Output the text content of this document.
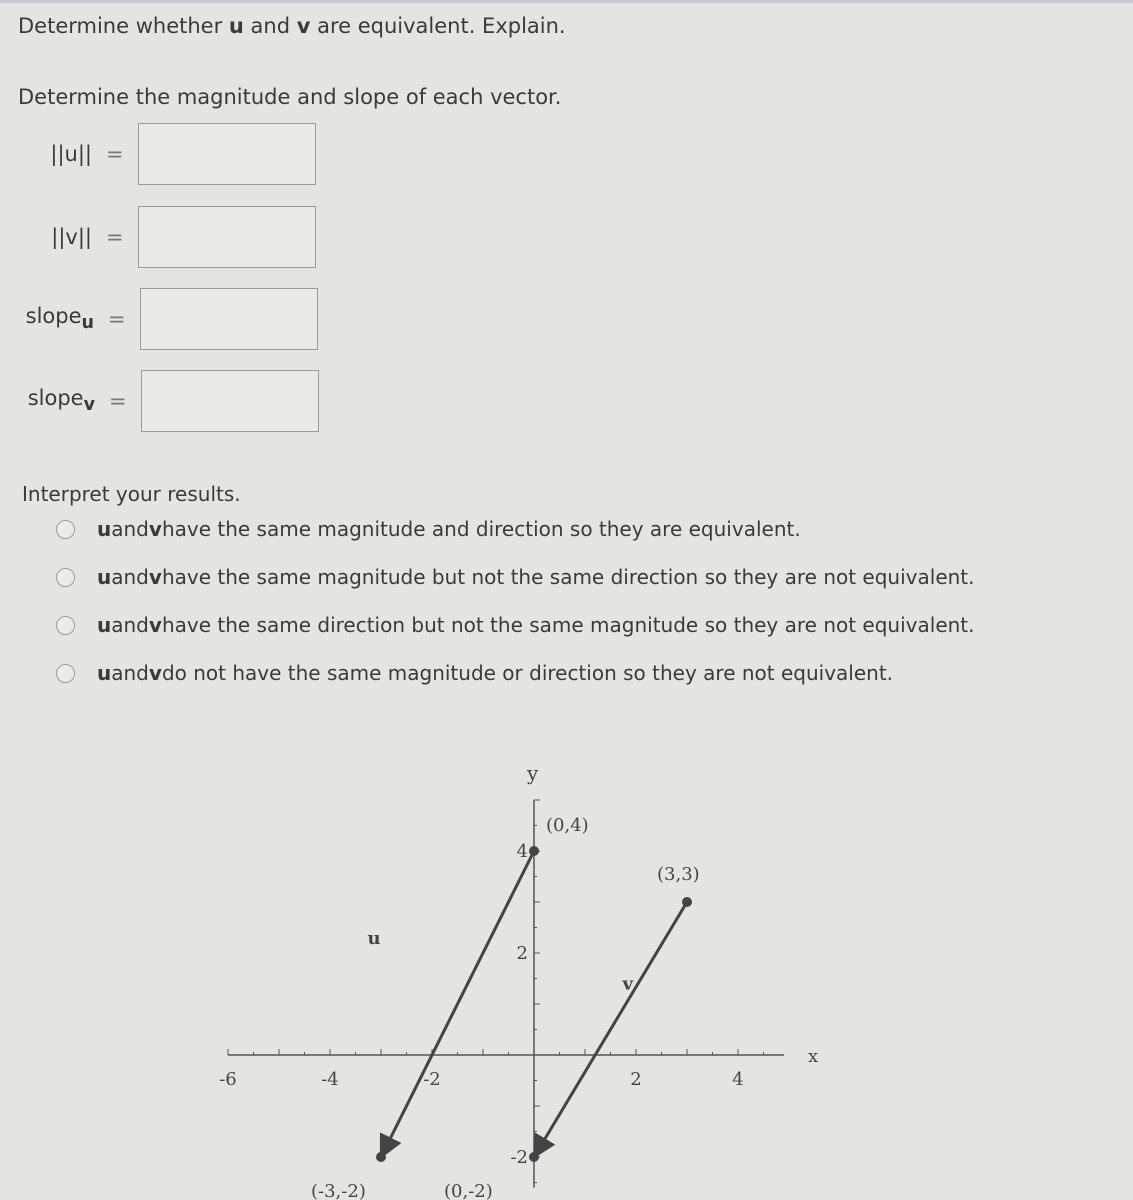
Determine whether u and v are equivalent. Explain.
Determine the magnitude and slope of each vector.
||u|| =
||v|| =
slope$_u$ =
slope$_v$ =
Interpret your results.
u and v have the same magnitude and direction so they are equivalent.
u and v have the same magnitude but not the same direction so they are not equivalent.
u and v have the same direction but not the same magnitude so they are not equivalent.
u and v do not have the same magnitude or direction so they are not equivalent.
-6	-4	-2	2	4
4
2
-2
u
(0,4)
(-3,-2)
v
(3,3)
(0,-2)
x
y
